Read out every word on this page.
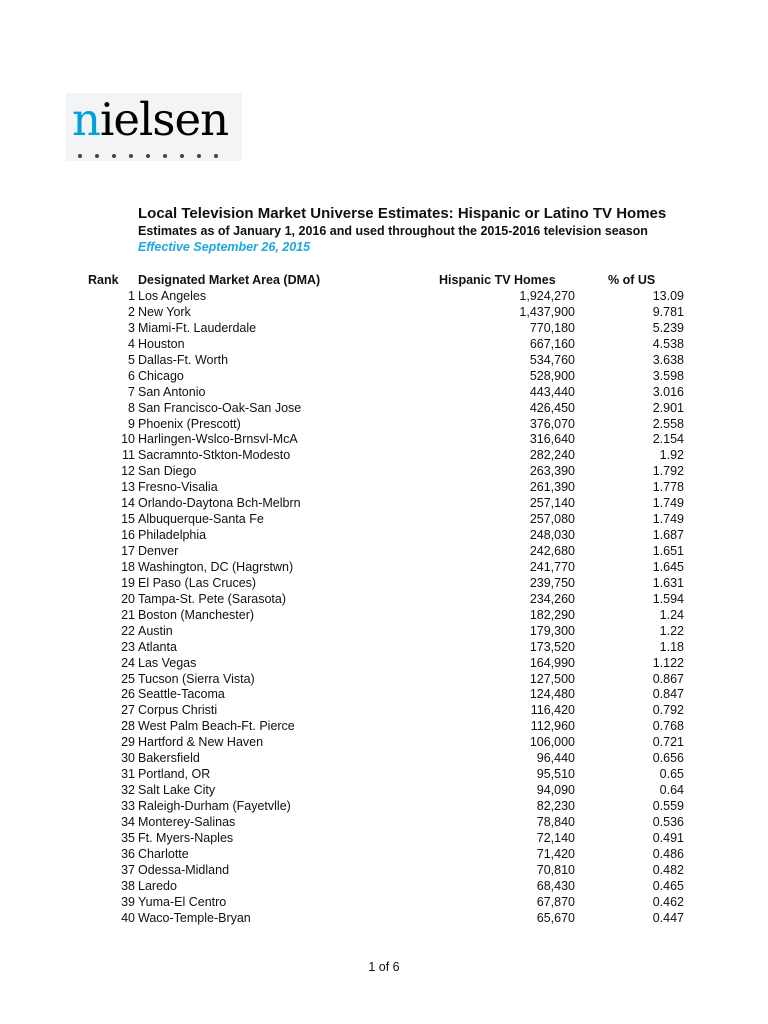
nielsen
Local Television Market Universe Estimates: Hispanic or Latino TV Homes
Estimates as of January 1, 2016 and used throughout the 2015-2016 television season
Effective September 26, 2015
Rank Designated Market Area (DMA)	Hispanic TV Homes	% of US
1 Los Angeles	1,924,270	13.09
2 New York	1,437,900	9.781
3 Miami-Ft. Lauderdale	770,180	5.239
4 Houston	667,160	4.538
5 Dallas-Ft. Worth	534,760	3.638
6 Chicago	528,900	3.598
7 San Antonio	443,440	3.016
8 San Francisco-Oak-San Jose	426,450	2.901
9 Phoenix (Prescott)	376,070	2.558
10 Harlingen-Wslco-Brnsvl-McA	316,640	2.154
11 Sacramnto-Stkton-Modesto	282,240	1.92
12 San Diego	263,390	1.792
13 Fresno-Visalia	261,390	1.778
14 Orlando-Daytona Bch-Melbrn	257,140	1.749
15 Albuquerque-Santa Fe	257,080	1.749
16 Philadelphia	248,030	1.687
17 Denver	242,680	1.651
18 Washington, DC (Hagrstwn)	241,770	1.645
19 El Paso (Las Cruces)	239,750	1.631
20 Tampa-St. Pete (Sarasota)	234,260	1.594
21 Boston (Manchester)	182,290	1.24
22 Austin	179,300	1.22
23 Atlanta	173,520	1.18
24 Las Vegas	164,990	1.122
25 Tucson (Sierra Vista)	127,500	0.867
26 Seattle-Tacoma	124,480	0.847
27 Corpus Christi	116,420	0.792
28 West Palm Beach-Ft. Pierce	112,960	0.768
29 Hartford & New Haven	106,000	0.721
30 Bakersfield	96,440	0.656
31 Portland, OR	95,510	0.65
32 Salt Lake City	94,090	0.64
33 Raleigh-Durham (Fayetvlle)	82,230	0.559
34 Monterey-Salinas	78,840	0.536
35 Ft. Myers-Naples	72,140	0.491
36 Charlotte	71,420	0.486
37 Odessa-Midland	70,810	0.482
38 Laredo	68,430	0.465
39 Yuma-El Centro	67,870	0.462
40 Waco-Temple-Bryan	65,670	0.447
1 of 6
